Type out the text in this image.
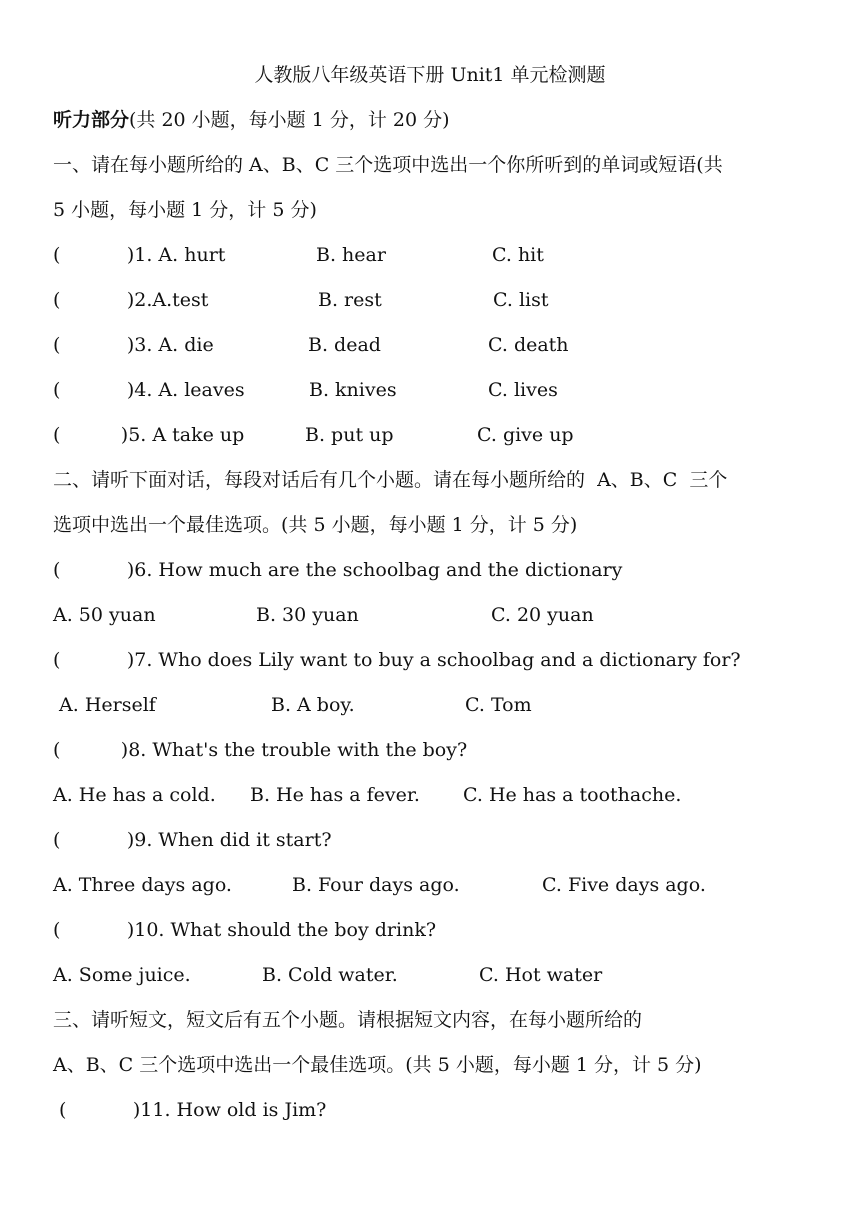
人教版八年级英语下册 Unit1 单元检测题
听力部分(共 20 小题，每小题 1 分，计 20 分)
一、请在每小题所给的 A、B、C 三个选项中选出一个你所听到的单词或短语(共
5 小题，每小题 1 分，计 5 分)
(           )1. A. hurt	B. hear	C. hit
(           )2.A.test	B. rest	C. list
(           )3. A. die	B. dead	C. death
(           )4. A. leaves	B. knives	C. lives
(          )5. A take up	B. put up	C. give up
二、请听下面对话，每段对话后有几个小题。请在每小题所给的  A、B、C  三个
选项中选出一个最佳选项。(共 5 小题，每小题 1 分，计 5 分)
(           )6. How much are the schoolbag and the dictionary
A. 50 yuan	B. 30 yuan	C. 20 yuan
(           )7. Who does Lily want to buy a schoolbag and a dictionary for?
A. Herself	B. A boy.	C. Tom
(          )8. What's the trouble with the boy?
A. He has a cold. B. He has a fever. C. He has a toothache.
(           )9. When did it start?
A. Three days ago.	B. Four days ago.	C. Five days ago.
(           )10. What should the boy drink?
A. Some juice.	B. Cold water.	C. Hot water
三、请听短文，短文后有五个小题。请根据短文内容，在每小题所给的
A、B、C 三个选项中选出一个最佳选项。(共 5 小题，每小题 1 分，计 5 分)
(           )11. How old is Jim?
